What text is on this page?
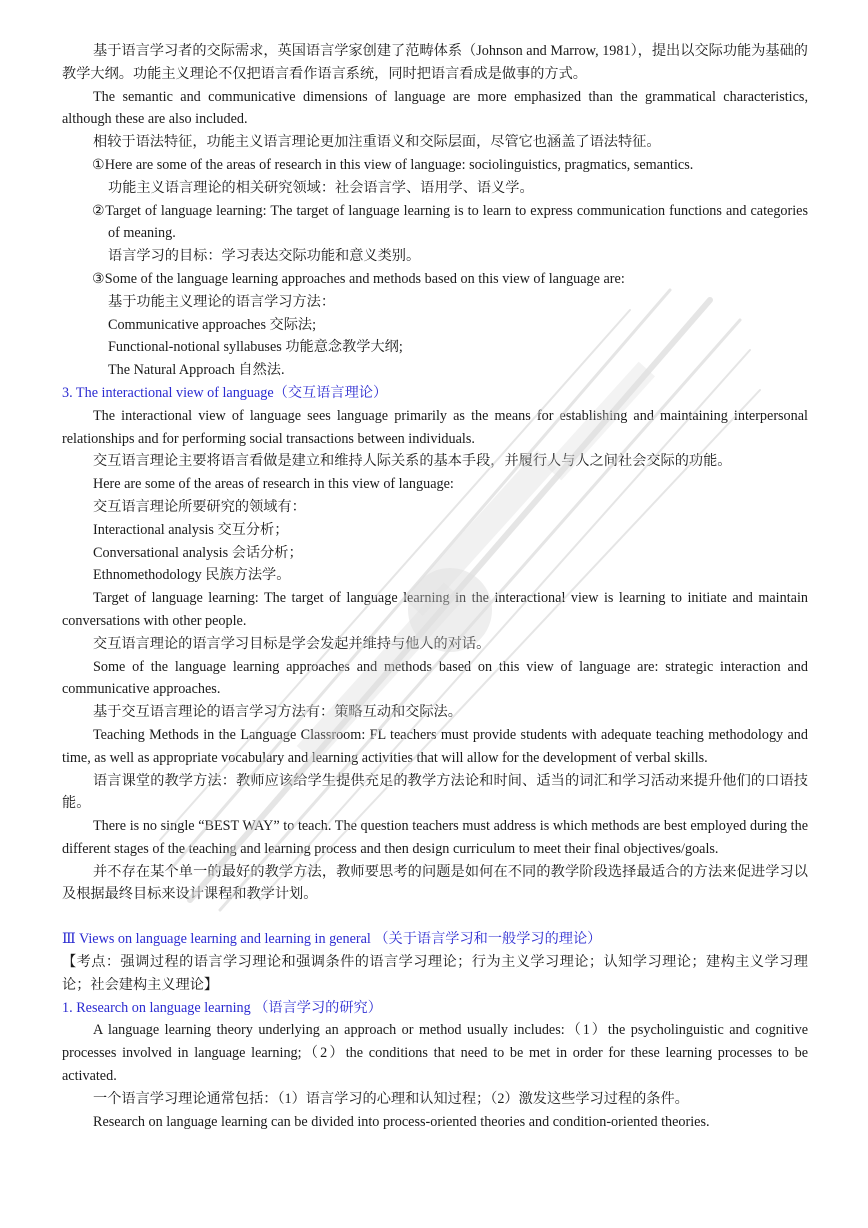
基于语言学习者的交际需求，英国语言学家创建了范畴体系（Johnson and Marrow, 1981），提出以交际功能为基础的教学大纲。功能主义理论不仅把语言看作语言系统，同时把语言看成是做事的方式。

The semantic and communicative dimensions of language are more emphasized than the grammatical characteristics, although these are also included.

相较于语法特征，功能主义语言理论更加注重语义和交际层面，尽管它也涵盖了语法特征。

①Here are some of the areas of research in this view of language: sociolinguistics, pragmatics, semantics.

功能主义语言理论的相关研究领域：社会语言学、语用学、语义学。

②Target of language learning: The target of language learning is to learn to express communication functions and categories of meaning.

语言学习的目标：学习表达交际功能和意义类别。

③Some of the language learning approaches and methods based on this view of language are:

基于功能主义理论的语言学习方法：

Communicative approaches 交际法;

Functional-notional syllabuses 功能意念教学大纲;

The Natural Approach 自然法.

3. The interactional view of language（交互语言理论）

The interactional view of language sees language primarily as the means for establishing and maintaining interpersonal relationships and for performing social transactions between individuals.

交互语言理论主要将语言看做是建立和维持人际关系的基本手段，并履行人与人之间社会交际的功能。

Here are some of the areas of research in this view of language:

交互语言理论所要研究的领域有：

Interactional analysis 交互分析；

Conversational analysis 会话分析；

Ethnomethodology 民族方法学。

Target of language learning: The target of language learning in the interactional view is learning to initiate and maintain conversations with other people.

交互语言理论的语言学习目标是学会发起并维持与他人的对话。

Some of the language learning approaches and methods based on this view of language are: strategic interaction and communicative approaches.

基于交互语言理论的语言学习方法有：策略互动和交际法。

Teaching Methods in the Language Classroom: FL teachers must provide students with adequate teaching methodology and time, as well as appropriate vocabulary and learning activities that will allow for the development of verbal skills.

语言课堂的教学方法：教师应该给学生提供充足的教学方法论和时间、适当的词汇和学习活动来提升他们的口语技能。

There is no single “BEST WAY” to teach. The question teachers must address is which methods are best employed during the different stages of the teaching and learning process and then design curriculum to meet their final objectives/goals.

并不存在某个单一的最好的教学方法，教师要思考的问题是如何在不同的教学阶段选择最适合的方法来促进学习以及根据最终目标来设计课程和教学计划。

Ⅲ Views on language learning and learning in general （关于语言学习和一般学习的理论）

【考点：强调过程的语言学习理论和强调条件的语言学习理论；行为主义学习理论；认知学习理论；建构主义学习理论；社会建构主义理论】

1. Research on language learning （语言学习的研究）

A language learning theory underlying an approach or method usually includes:（1）the psycholinguistic and cognitive processes involved in language learning;（2）the conditions that need to be met in order for these learning processes to be activated.

一个语言学习理论通常包括：（1）语言学习的心理和认知过程；（2）激发这些学习过程的条件。

Research on language learning can be divided into process-oriented theories and condition-oriented theories.
